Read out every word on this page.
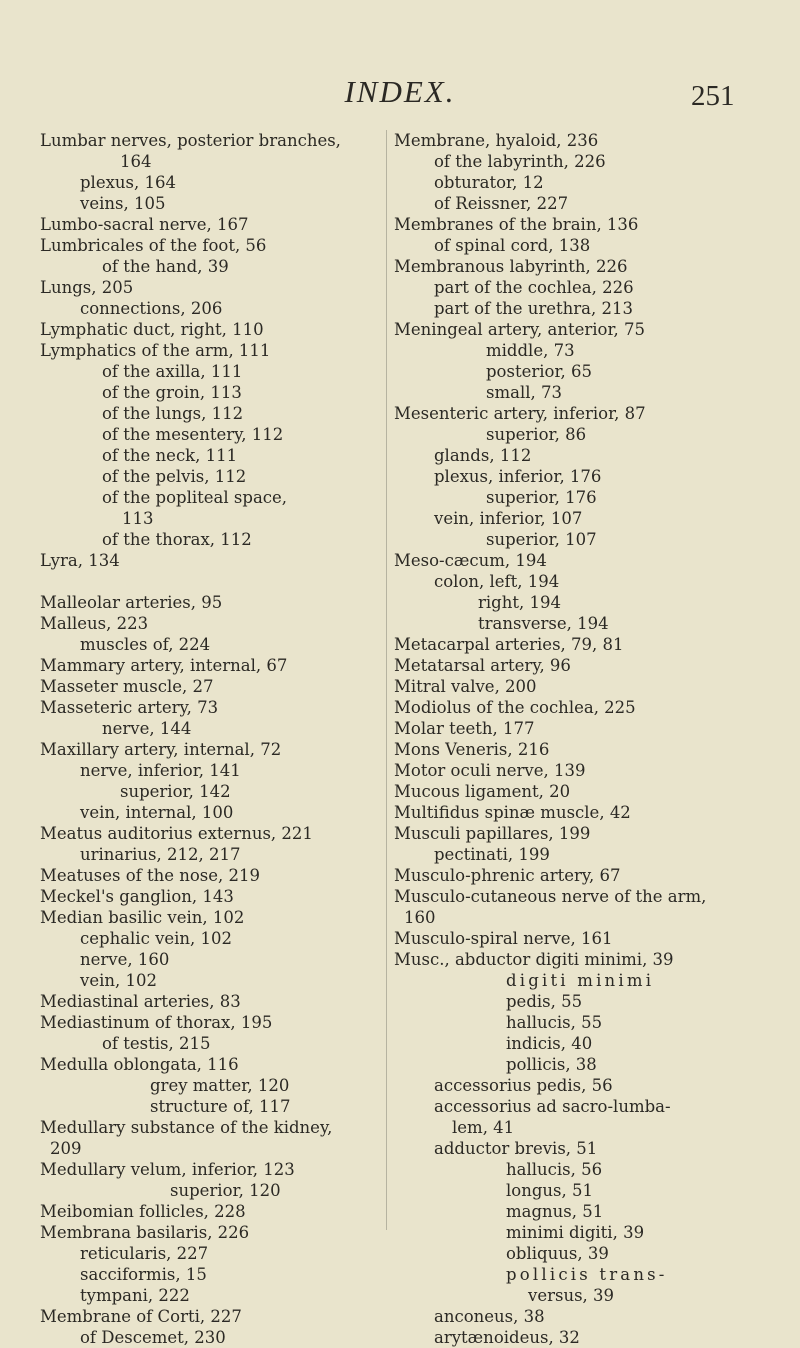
INDEX.	251
Lumbar nerves, posterior branches,
164
plexus, 164
veins, 105
Lumbo-sacral nerve, 167
Lumbricales of the foot, 56
of the hand, 39
Lungs, 205
connections, 206
Lymphatic duct, right, 110
Lymphatics of the arm, 111
of the axilla, 111
of the groin, 113
of the lungs, 112
of the mesentery, 112
of the neck, 111
of the pelvis, 112
of the popliteal space,
113
of the thorax, 112
Lyra, 134
Malleolar arteries, 95
Malleus, 223
muscles of, 224
Mammary artery, internal, 67
Masseter muscle, 27
Masseteric artery, 73
nerve, 144
Maxillary artery, internal, 72
nerve, inferior, 141
superior, 142
vein, internal, 100
Meatus auditorius externus, 221
urinarius, 212, 217
Meatuses of the nose, 219
Meckel's ganglion, 143
Median basilic vein, 102
cephalic vein, 102
nerve, 160
vein, 102
Mediastinal arteries, 83
Mediastinum of thorax, 195
of testis, 215
Medulla oblongata, 116
grey matter, 120
structure of, 117
Medullary substance of the kidney,
209
Medullary velum, inferior, 123
superior, 120
Meibomian follicles, 228
Membrana basilaris, 226
reticularis, 227
sacciformis, 15
tympani, 222
Membrane of Corti, 227
of Descemet, 230
Membrane, hyaloid, 236
of the labyrinth, 226
obturator, 12
of Reissner, 227
Membranes of the brain, 136
of spinal cord, 138
Membranous labyrinth, 226
part of the cochlea, 226
part of the urethra, 213
Meningeal artery, anterior, 75
middle, 73
posterior, 65
small, 73
Mesenteric artery, inferior, 87
superior, 86
glands, 112
plexus, inferior, 176
superior, 176
vein, inferior, 107
superior, 107
Meso-cæcum, 194
colon, left, 194
right, 194
transverse, 194
Metacarpal arteries, 79, 81
Metatarsal artery, 96
Mitral valve, 200
Modiolus of the cochlea, 225
Molar teeth, 177
Mons Veneris, 216
Motor oculi nerve, 139
Mucous ligament, 20
Multifidus spinæ muscle, 42
Musculi papillares, 199
pectinati, 199
Musculo-phrenic artery, 67
Musculo-cutaneous nerve of the arm,
160
Musculo-spiral nerve, 161
Musc., abductor digiti minimi, 39
digiti minimi
pedis, 55
hallucis, 55
indicis, 40
pollicis, 38
accessorius pedis, 56
accessorius ad sacro-lumba-
lem, 41
adductor brevis, 51
hallucis, 56
longus, 51
magnus, 51
minimi digiti, 39
obliquus, 39
pollicis trans-
versus, 39
anconeus, 38
arytænoideus, 32
